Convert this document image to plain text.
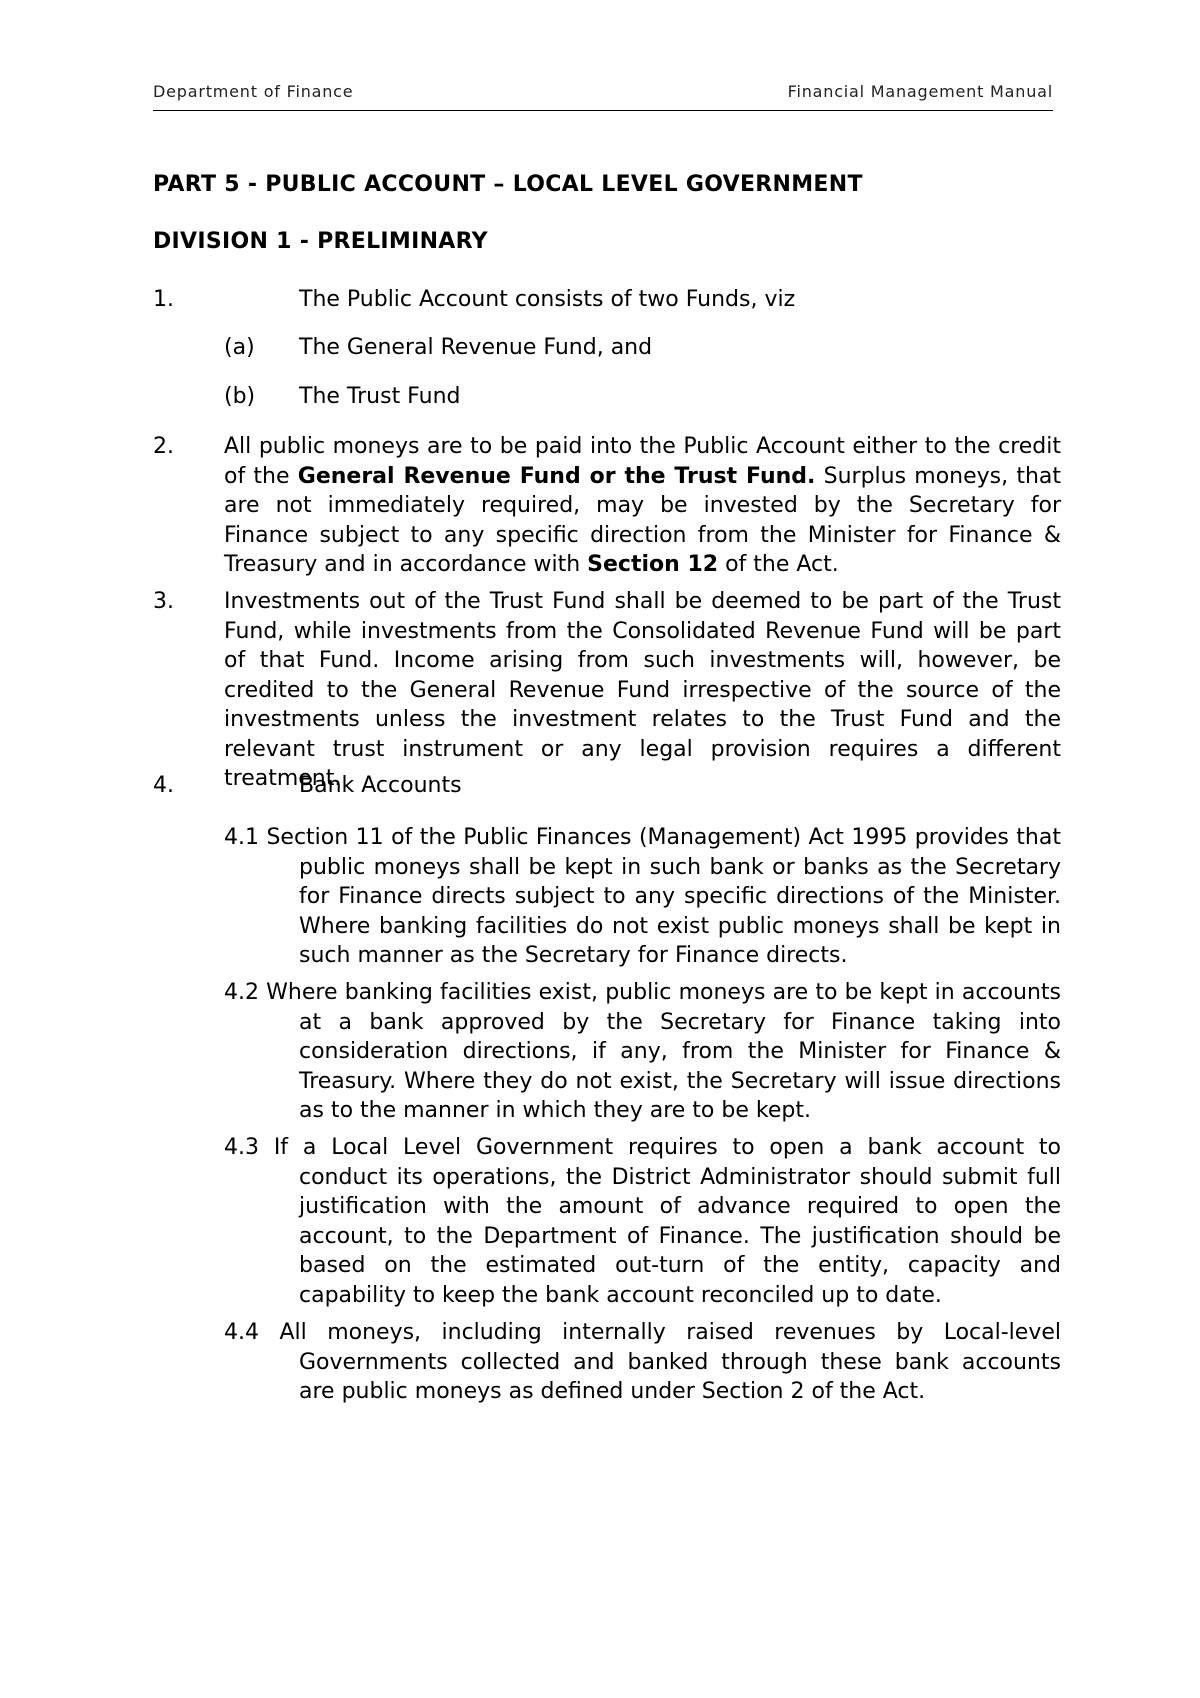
Department of Finance	Financial Management Manual

PART 5 - PUBLIC ACCOUNT – LOCAL LEVEL GOVERNMENT

DIVISION 1 - PRELIMINARY

1.	The Public Account consists of two Funds, viz
(a) The General Revenue Fund, and
(b) The Trust Fund
2. All public moneys are to be paid into the Public Account either to the credit of the General Revenue Fund or the Trust Fund. Surplus moneys, that are not immediately required, may be invested by the Secretary for Finance subject to any specific direction from the Minister for Finance & Treasury and in accordance with Section 12 of the Act.
3. Investments out of the Trust Fund shall be deemed to be part of the Trust Fund, while investments from the Consolidated Revenue Fund will be part of that Fund. Income arising from such investments will, however, be credited to the General Revenue Fund irrespective of the source of the investments unless the investment relates to the Trust Fund and the relevant trust instrument or any legal provision requires a different treatment.
4.	Bank Accounts

4.1 Section 11 of the Public Finances (Management) Act 1995 provides that public moneys shall be kept in such bank or banks as the Secretary for Finance directs subject to any specific directions of the Minister. Where banking facilities do not exist public moneys shall be kept in such manner as the Secretary for Finance directs.

4.2 Where banking facilities exist, public moneys are to be kept in accounts at a bank approved by the Secretary for Finance taking into consideration directions, if any, from the Minister for Finance & Treasury. Where they do not exist, the Secretary will issue directions as to the manner in which they are to be kept.

4.3 If a Local Level Government requires to open a bank account to conduct its operations, the District Administrator should submit full justification with the amount of advance required to open the account, to the Department of Finance. The justification should be based on the estimated out-turn of the entity, capacity and capability to keep the bank account reconciled up to date.

4.4 All moneys, including internally raised revenues by Local-level Governments collected and banked through these bank accounts are public moneys as defined under Section 2 of the Act.
